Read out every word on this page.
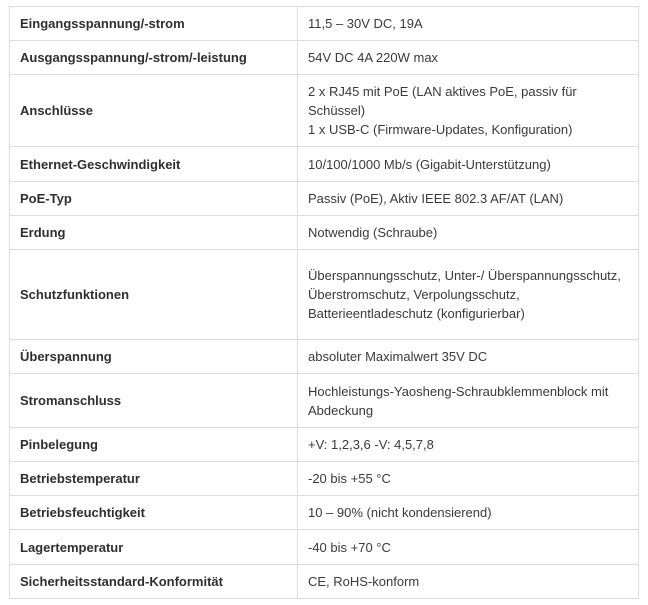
Eingangsspannung/-strom	11,5 – 30V DC, 19A

Ausgangsspannung/-strom/-leistung	54V DC 4A 220W max

Anschlüsse	2 x RJ45 mit PoE (LAN aktives PoE, passiv für Schüssel)
1 x USB-C (Firmware-Updates, Konfiguration)

Ethernet-Geschwindigkeit	10/100/1000 Mb/s (Gigabit-Unterstützung)

PoE-Typ	Passiv (PoE), Aktiv IEEE 802.3 AF/AT (LAN)

Erdung	Notwendig (Schraube)

Schutzfunktionen	Überspannungsschutz, Unter-/ Überspannungsschutz, Überstromschutz, Verpolungsschutz, Batterieentladeschutz (konfigurierbar)

Überspannung	absoluter Maximalwert 35V DC

Stromanschluss	Hochleistungs-Yaosheng-Schraubklemmenblock mit Abdeckung

Pinbelegung	+V: 1,2,3,6 -V: 4,5,7,8

Betriebstemperatur	-20 bis +55 °C

Betriebsfeuchtigkeit	10 – 90% (nicht kondensierend)

Lagertemperatur	-40 bis +70 °C

Sicherheitsstandard-Konformität	CE, RoHS-konform
